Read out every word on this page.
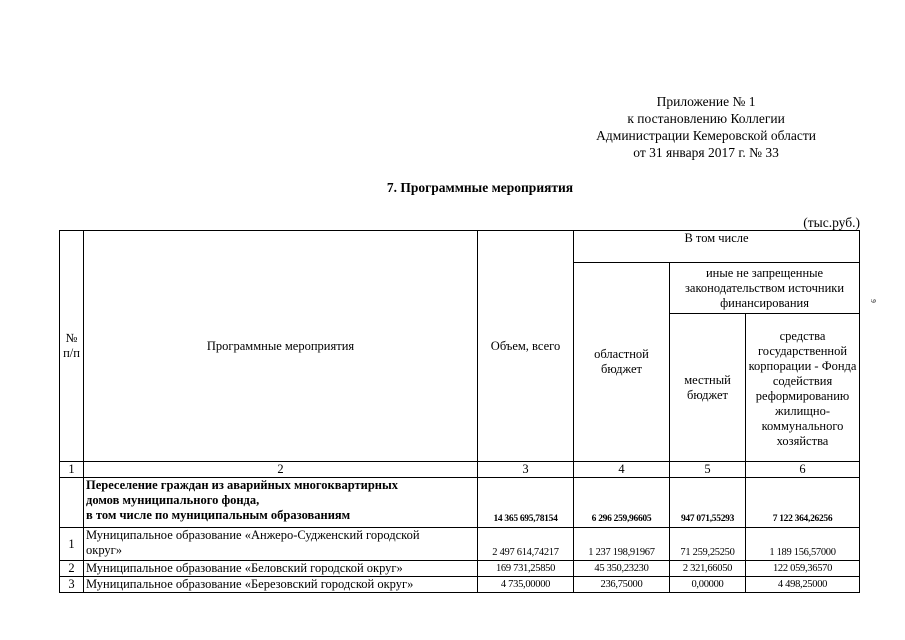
Приложение № 1
к постановлению Коллегии
Администрации Кемеровской области
от 31 января 2017 г. № 33
7. Программные мероприятия
(тыс.руб.)
9
№ п/п	Программные мероприятия	Объем, всего	В том числе		
			областной бюджет	иные не запрещенные законодательством источники финансирования	
				местный бюджет	средства государственной корпорации - Фонда содействия реформированию жилищно-коммунального хозяйства

1	2	3	4	5	6

	Переселение граждан из аварийных многоквартирных
домов муниципального фонда,
в том числе по муниципальным образованиям	14 365 695,78154	6 296 259,96605	947 071,55293	7 122 364,26256
1	Муниципальное образование «Анжеро-Судженский городской
округ»	2 497 614,74217	1 237 198,91967	71 259,25250	1 189 156,57000
2	Муниципальное образование «Беловский городской округ»	169 731,25850	45 350,23230	2 321,66050	122 059,36570
3	Муниципальное образование «Березовский городской округ»	4 735,00000	236,75000	0,00000	4 498,25000
